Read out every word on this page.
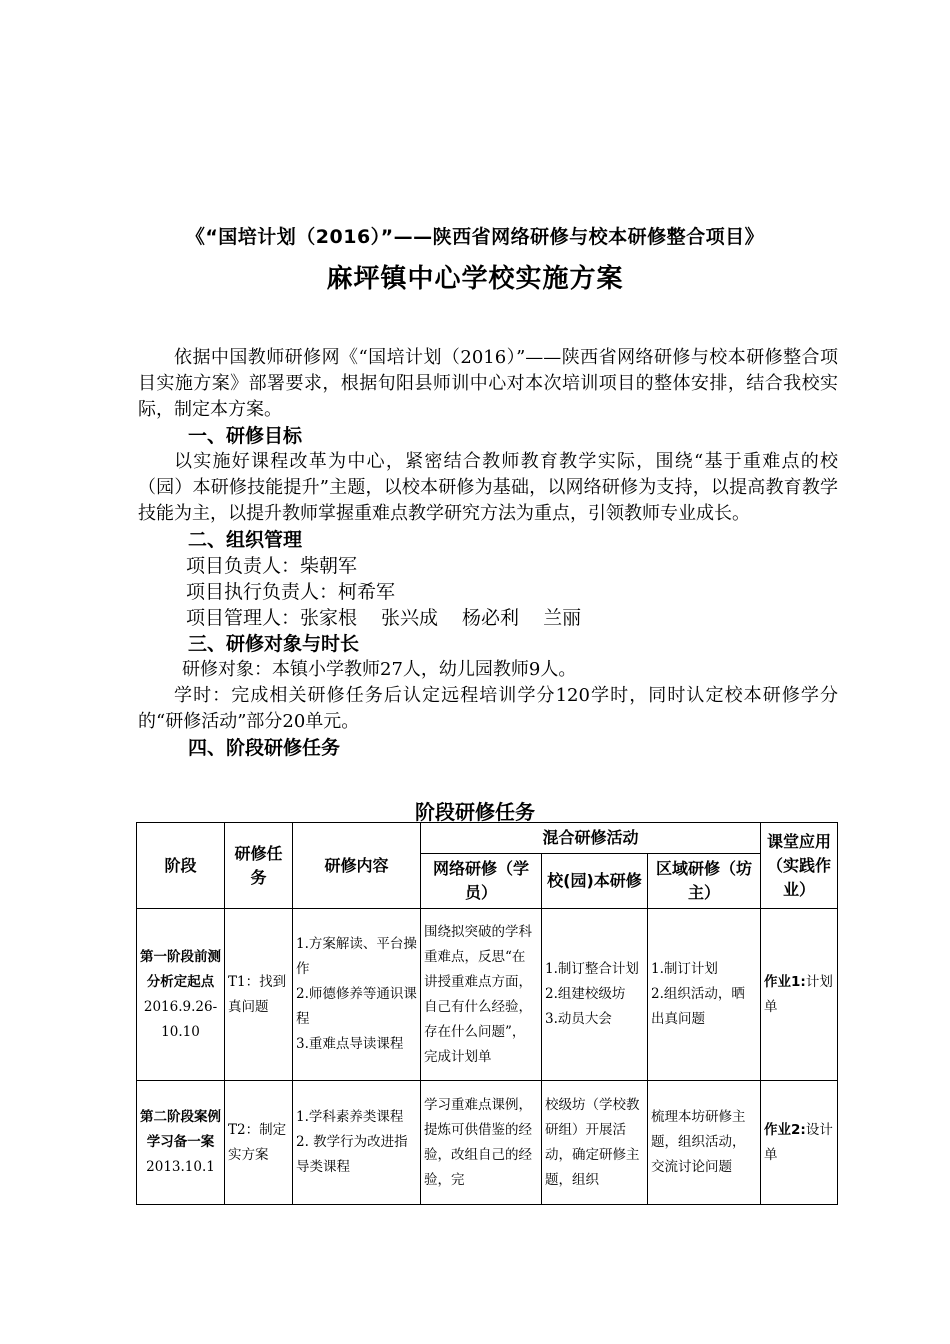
《“国培计划（2016）”——陕西省网络研修与校本研修整合项目》
麻坪镇中心学校实施方案

依据中国教师研修网《“国培计划（2016）”——陕西省网络研修与校本研修整合项目实施方案》部署要求，根据旬阳县师训中心对本次培训项目的整体安排，结合我校实际，制定本方案。

一、研修目标

以实施好课程改革为中心，紧密结合教师教育教学实际，围绕“基于重难点的校（园）本研修技能提升”主题，以校本研修为基础，以网络研修为支持，以提高教育教学技能为主，以提升教师掌握重难点教学研究方法为重点，引领教师专业成长。

二、组织管理

项目负责人：柴朝军

项目执行负责人：柯希军

项目管理人：张家根 张兴成 杨必利 兰丽

三、研修对象与时长

研修对象：本镇小学教师27人，幼儿园教师9人。

学时：完成相关研修任务后认定远程培训学分120学时，同时认定校本研修学分的“研修活动”部分20单元。

四、阶段研修任务

阶段研修任务
阶段	研修任务	研修内容	混合研修活动			课堂应用（实践作业）
			网络研修（学员）	校(园)本研修	区域研修（坊主）	

第一阶段前测分析定起点
2016.9.26-10.10	T1：找到真问题	1.方案解读、平台操作
2.师德修养等通识课程
3.重难点导读课程	围绕拟突破的学科重难点，反思“在讲授重难点方面，自己有什么经验，存在什么问题”，完成计划单	1.制订整合计划
2.组建校级坊
3.动员大会	1.制订计划
2.组织活动，晒出真问题	作业1:计划单

第二阶段案例学习备一案
2013.10.1	T2：制定实方案	1.学科素养类课程
2. 教学行为改进指导类课程	学习重难点课例，提炼可供借鉴的经验，改组自己的经验，完	校级坊（学校教研组）开展活动，确定研修主题，组织	梳理本坊研修主题，组织活动，交流讨论问题	作业2:设计单
